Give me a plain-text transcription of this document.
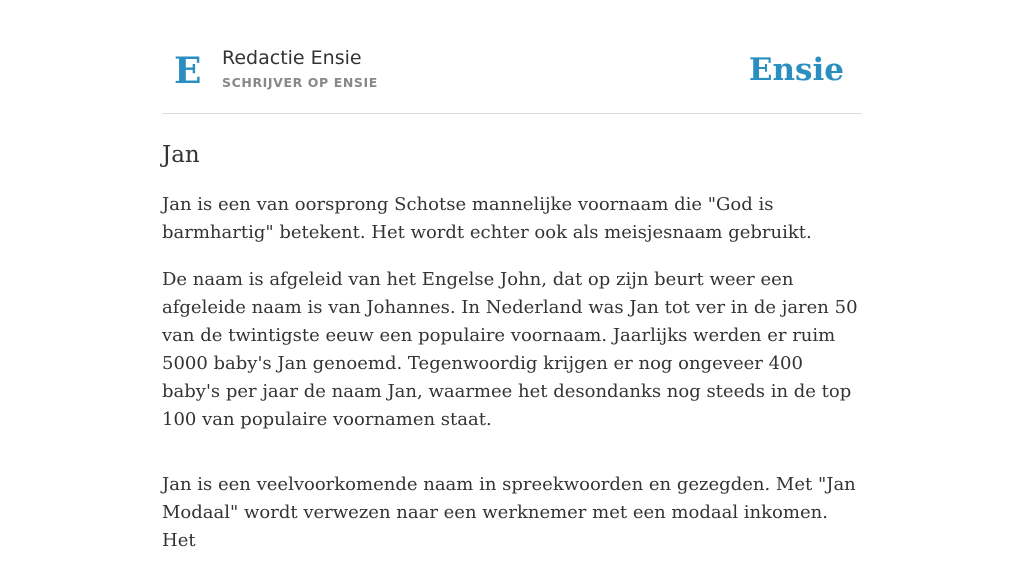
E Redactie Ensie
SCHRIJVER OP ENSIE	Ensie
Jan

Jan is een van oorsprong Schotse mannelijke voornaam die "God is barmhartig" betekent. Het wordt echter ook als meisjesnaam gebruikt.

De naam is afgeleid van het Engelse John, dat op zijn beurt weer een afgeleide naam is van Johannes. In Nederland was Jan tot ver in de jaren 50 van de twintigste eeuw een populaire voornaam. Jaarlijks werden er ruim 5000 baby's Jan genoemd. Tegenwoordig krijgen er nog ongeveer 400 baby's per jaar de naam Jan, waarmee het desondanks nog steeds in de top 100 van populaire voornamen staat.

Jan is een veelvoorkomende naam in spreekwoorden en gezegden. Met "Jan Modaal" wordt verwezen naar een werknemer met een modaal inkomen. Het
